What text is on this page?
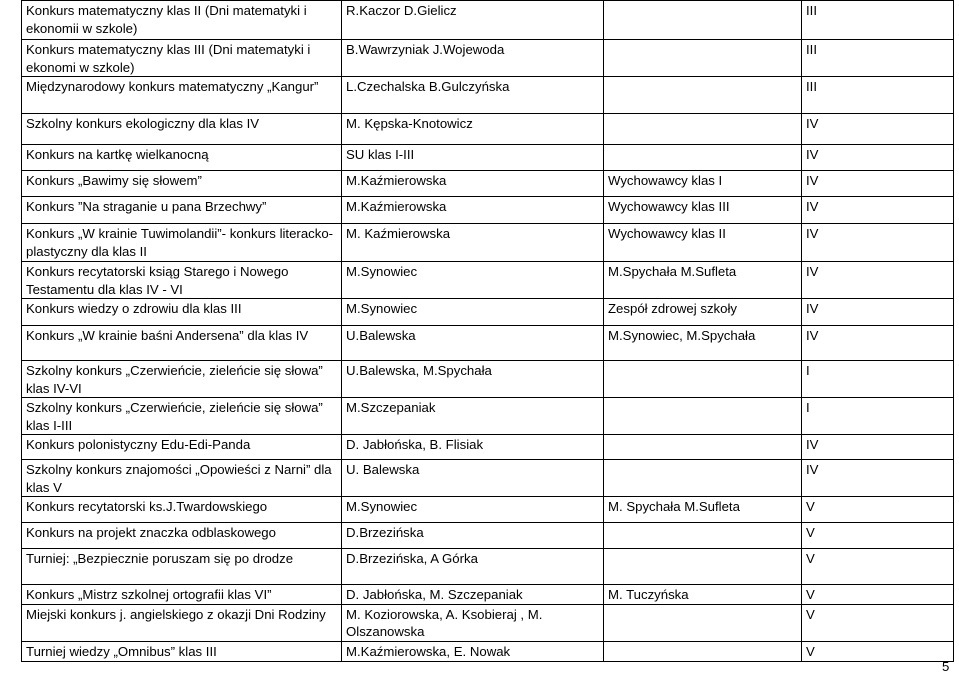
Konkurs matematyczny klas II (Dni matematyki i ekonomii w szkole)	R.Kaczor D.Gielicz		III
Konkurs matematyczny klas III (Dni matematyki i ekonomi w szkole)	B.Wawrzyniak J.Wojewoda		III
Międzynarodowy konkurs matematyczny „Kangur”	L.Czechalska B.Gulczyńska		III
Szkolny konkurs ekologiczny dla klas IV	M. Kępska-Knotowicz		IV
Konkurs na kartkę wielkanocną	SU klas I-III		IV
Konkurs „Bawimy się słowem”	M.Kaźmierowska	Wychowawcy klas I	IV
Konkurs ”Na straganie u pana Brzechwy”	M.Kaźmierowska	Wychowawcy klas III	IV
Konkurs „W krainie Tuwimolandii”- konkurs literacko-plastyczny dla klas II	M. Kaźmierowska	Wychowawcy klas II	IV
Konkurs recytatorski ksiąg Starego i Nowego Testamentu dla klas IV - VI	M.Synowiec	M.Spychała M.Sufleta	IV
Konkurs wiedzy o zdrowiu dla klas III	M.Synowiec	Zespół zdrowej szkoły	IV
Konkurs „W krainie baśni Andersena” dla klas IV	U.Balewska	M.Synowiec, M.Spychała	IV
Szkolny konkurs „Czerwieńcie, zieleńcie się słowa” klas IV-VI	U.Balewska, M.Spychała		I
Szkolny konkurs „Czerwieńcie, zieleńcie się słowa” klas I-III	M.Szczepaniak		I
Konkurs polonistyczny Edu-Edi-Panda	D. Jabłońska, B. Flisiak		IV
Szkolny konkurs znajomości „Opowieści z Narni” dla klas V	U. Balewska		IV
Konkurs recytatorski ks.J.Twardowskiego	M.Synowiec	M. Spychała M.Sufleta	V
Konkurs na projekt znaczka odblaskowego	D.Brzezińska		V
Turniej: „Bezpiecznie poruszam się po drodze	D.Brzezińska, A Górka		V
Konkurs „Mistrz szkolnej ortografii klas VI”	D. Jabłońska, M. Szczepaniak	M. Tuczyńska	V
Miejski konkurs j. angielskiego z okazji Dni Rodziny	M. Koziorowska, A. Ksobieraj , M. Olszanowska		V
Turniej wiedzy „Omnibus” klas III	M.Kaźmierowska, E. Nowak		V
5
